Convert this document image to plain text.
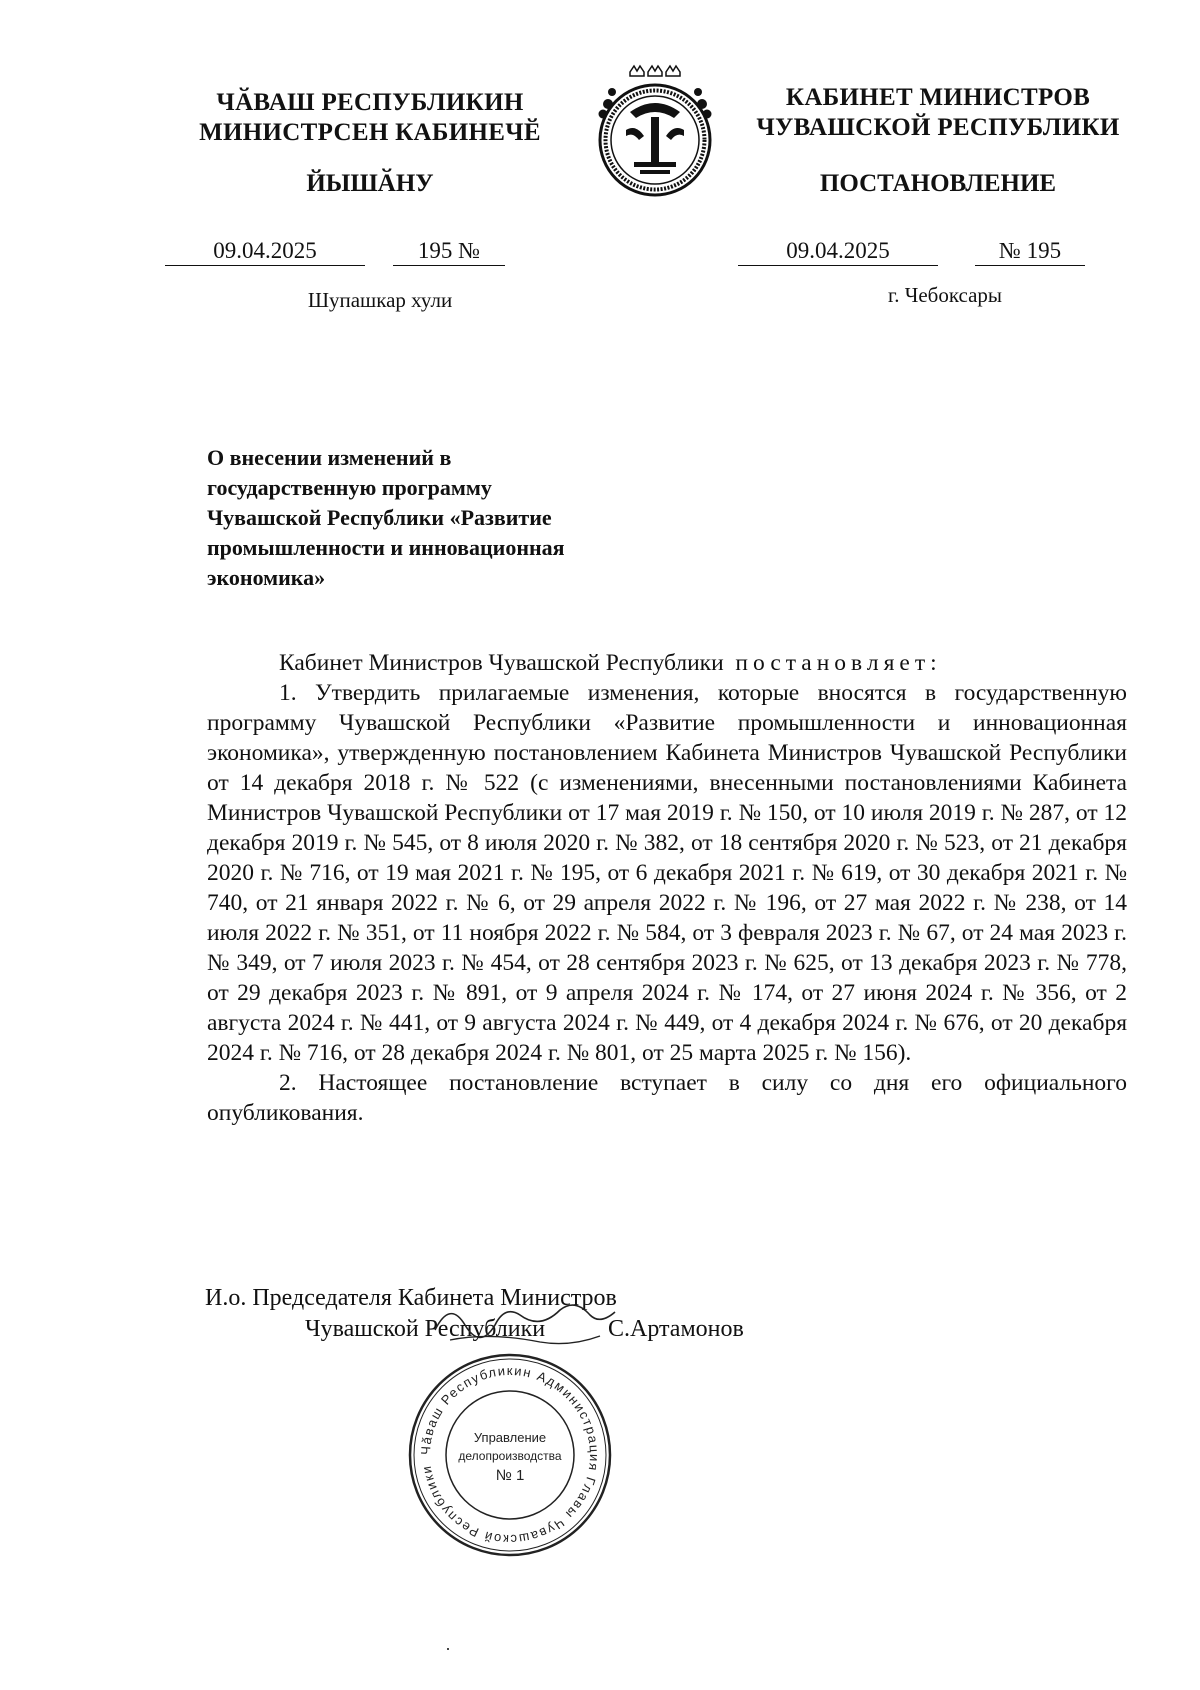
ЧӐВАШ РЕСПУБЛИКИН
МИНИСТРСЕН КАБИНЕЧӖ
ЙЫШӐНУ
КАБИНЕТ МИНИСТРОВ
ЧУВАШСКОЙ РЕСПУБЛИКИ
ПОСТАНОВЛЕНИЕ
09.04.2025	195 №
Шупашкар хули
09.04.2025	№ 195
г. Чебоксары
О внесении изменений в государственную программу Чувашской Республики «Развитие промышленности и инновационная экономика»

Кабинет Министров Чувашской Республики постановляет:

1. Утвердить прилагаемые изменения, которые вносятся в государственную программу Чувашской Республики «Развитие промышленности и инновационная экономика», утвержденную постановлением Кабинета Министров Чувашской Республики от 14 декабря 2018 г. № 522 (с изменениями, внесенными постановлениями Кабинета Министров Чувашской Республики от 17 мая 2019 г. № 150, от 10 июля 2019 г. № 287, от 12 декабря 2019 г. № 545, от 8 июля 2020 г. № 382, от 18 сентября 2020 г. № 523, от 21 декабря 2020 г. № 716, от 19 мая 2021 г. № 195, от 6 декабря 2021 г. № 619, от 30 декабря 2021 г. № 740, от 21 января 2022 г. № 6, от 29 апреля 2022 г. № 196, от 27 мая 2022 г. № 238, от 14 июля 2022 г. № 351, от 11 ноября 2022 г. № 584, от 3 февраля 2023 г. № 67, от 24 мая 2023 г. № 349, от 7 июля 2023 г. № 454, от 28 сентября 2023 г. № 625, от 13 декабря 2023 г. № 778, от 29 декабря 2023 г. № 891, от 9 апреля 2024 г. № 174, от 27 июня 2024 г. № 356, от 2 августа 2024 г. № 441, от 9 августа 2024 г. № 449, от 4 декабря 2024 г. № 676, от 20 декабря 2024 г. № 716, от 28 декабря 2024 г. № 801, от 25 марта 2025 г. № 156).

2. Настоящее постановление вступает в силу со дня его официального опубликования.

И.о. Председателя Кабинета Министров
Чувашской Республики	С.Артамонов
Чӑваш Республикин Администрация Главы Чувашской Республики
Управление
делопроизводства
№ 1
